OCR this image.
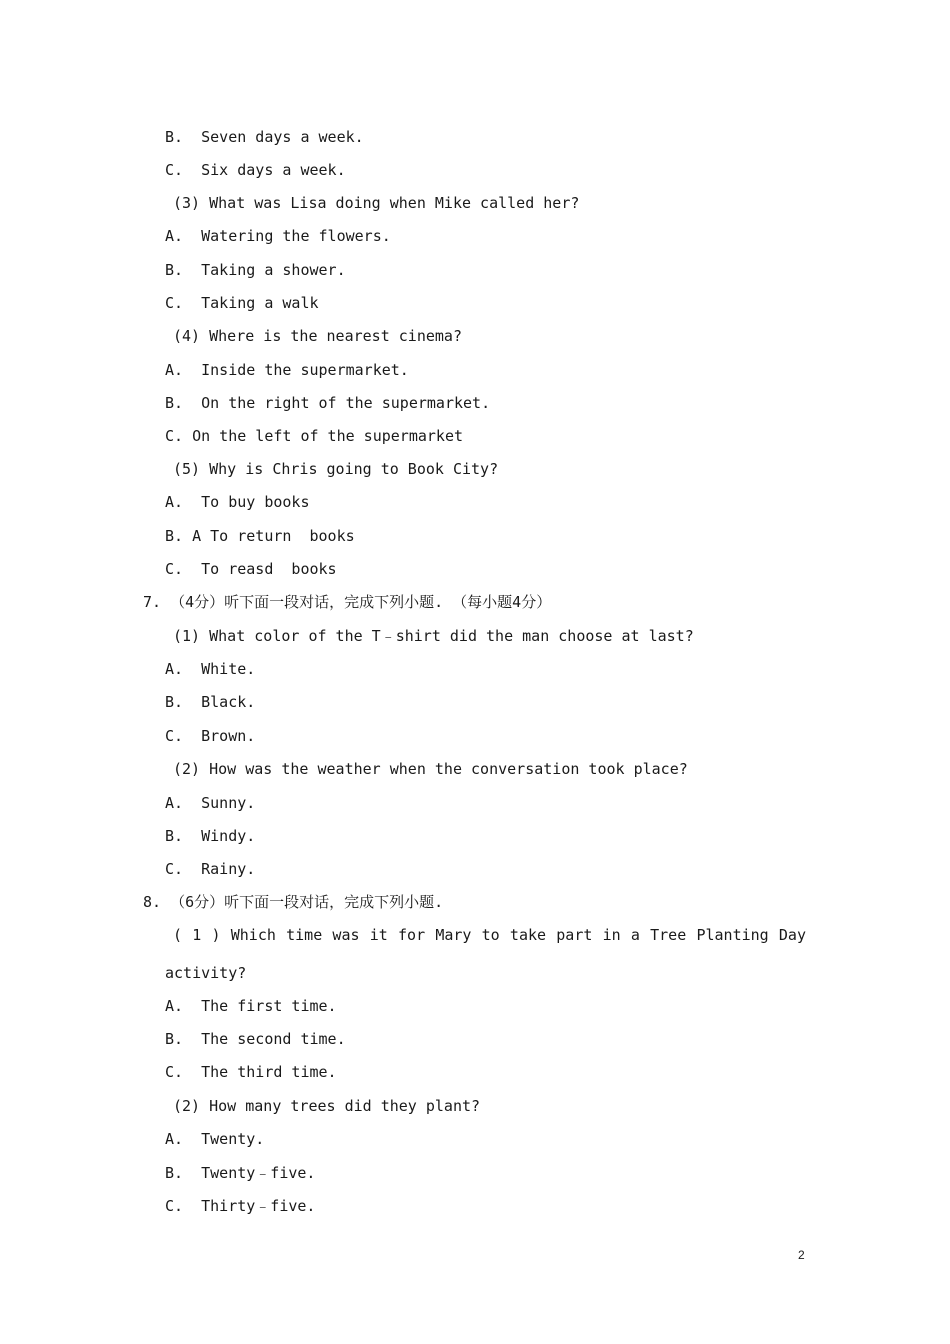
B.  Seven days a week.
C.  Six days a week.
(3) What was Lisa doing when Mike called her?
A.  Watering the flowers.
B.  Taking a shower.
C.  Taking a walk
(4) Where is the nearest cinema?
A.  Inside the supermarket.
B.  On the right of the supermarket.
C. On the left of the supermarket
(5) Why is Chris going to Book City?
A.  To buy books
B. A To return  books
C.  To reasd  books
7. （4分）听下面一段对话，完成下列小题. （每小题4分）
(1) What color of the T﹣shirt did the man choose at last?
A.  White.
B.  Black.
C.  Brown.
(2) How was the weather when the conversation took place?
A.  Sunny.
B.  Windy.
C.  Rainy.
8. （6分）听下面一段对话，完成下列小题.
( 1 ) Which time was it for Mary to take part in a Tree Planting Day
activity?
A.  The first time.
B.  The second time.
C.  The third time.
(2) How many trees did they plant?
A.  Twenty.
B.  Twenty﹣five.
C.  Thirty﹣five.
2
